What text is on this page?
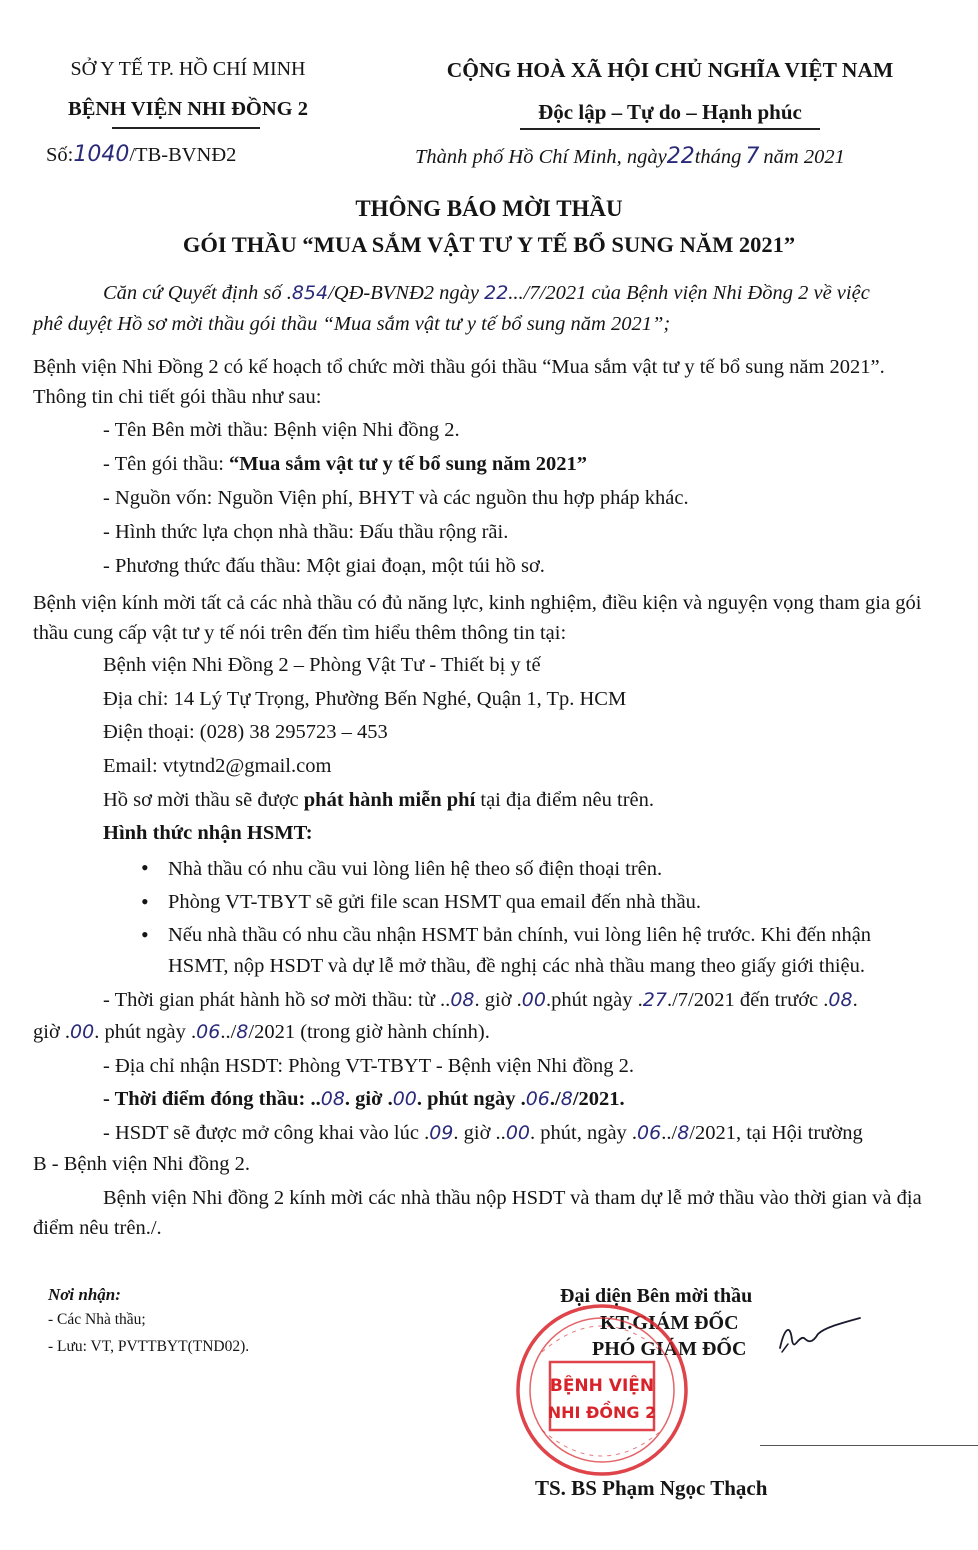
SỞ Y TẾ TP. HỒ CHÍ MINH
BỆNH VIỆN NHI ĐỒNG 2
Số:1040/TB-BVNĐ2
CỘNG HOÀ XÃ HỘI CHỦ NGHĨA VIỆT NAM
Độc lập – Tự do – Hạnh phúc
Thành phố Hồ Chí Minh, ngày22tháng 7 năm 2021
THÔNG BÁO MỜI THẦU
GÓI THẦU “MUA SẮM VẬT TƯ Y TẾ BỔ SUNG NĂM 2021”
Căn cứ Quyết định số .854/QĐ-BVNĐ2 ngày 22.../7/2021 của Bệnh viện Nhi Đồng 2 về việc
phê duyệt Hồ sơ mời thầu gói thầu “Mua sắm vật tư y tế bổ sung năm 2021”;
Bệnh viện Nhi Đồng 2 có kế hoạch tổ chức mời thầu gói thầu “Mua sắm vật tư y tế bổ sung năm 2021”. Thông tin chi tiết gói thầu như sau:
- Tên Bên mời thầu: Bệnh viện Nhi đồng 2.
- Tên gói thầu: “Mua sắm vật tư y tế bổ sung năm 2021”
- Nguồn vốn: Nguồn Viện phí, BHYT và các nguồn thu hợp pháp khác.
- Hình thức lựa chọn nhà thầu: Đấu thầu rộng rãi.
- Phương thức đấu thầu: Một giai đoạn, một túi hồ sơ.
Bệnh viện kính mời tất cả các nhà thầu có đủ năng lực, kinh nghiệm, điều kiện và nguyện vọng tham gia gói thầu cung cấp vật tư y tế nói trên đến tìm hiểu thêm thông tin tại:
Bệnh viện Nhi Đồng 2 – Phòng Vật Tư - Thiết bị y tế
Địa chỉ: 14 Lý Tự Trọng, Phường Bến Nghé, Quận 1, Tp. HCM
Điện thoại: (028) 38 295723 – 453
Email: vtytnd2@gmail.com
Hồ sơ mời thầu sẽ được phát hành miễn phí tại địa điểm nêu trên.
Hình thức nhận HSMT:
• Nhà thầu có nhu cầu vui lòng liên hệ theo số điện thoại trên.
• Phòng VT-TBYT sẽ gửi file scan HSMT qua email đến nhà thầu.
• Nếu nhà thầu có nhu cầu nhận HSMT bản chính, vui lòng liên hệ trước. Khi đến nhận
HSMT, nộp HSDT và dự lễ mở thầu, đề nghị các nhà thầu mang theo giấy giới thiệu.
- Thời gian phát hành hồ sơ mời thầu: từ ..08. giờ .00.phút ngày .27./7/2021 đến trước .08.
giờ .00. phút ngày .06../8/2021 (trong giờ hành chính).
- Địa chỉ nhận HSDT: Phòng VT-TBYT - Bệnh viện Nhi đồng 2.
- Thời điểm đóng thầu: ..08. giờ .00. phút ngày .06./8/2021.
- HSDT sẽ được mở công khai vào lúc .09. giờ ..00. phút, ngày .06../8/2021, tại Hội trường
B - Bệnh viện Nhi đồng 2.
Bệnh viện Nhi đồng 2 kính mời các nhà thầu nộp HSDT và tham dự lễ mở thầu vào thời gian và địa điểm nêu trên./.
Nơi nhận:
- Các Nhà thầu;
- Lưu: VT, PVTTBYT(TND02).
Đại diện Bên mời thầu
KT.GIÁM ĐỐC
PHÓ GIÁM ĐỐC
BỆNH VIỆN
NHI ĐỒNG 2
TS. BS Phạm Ngọc Thạch
